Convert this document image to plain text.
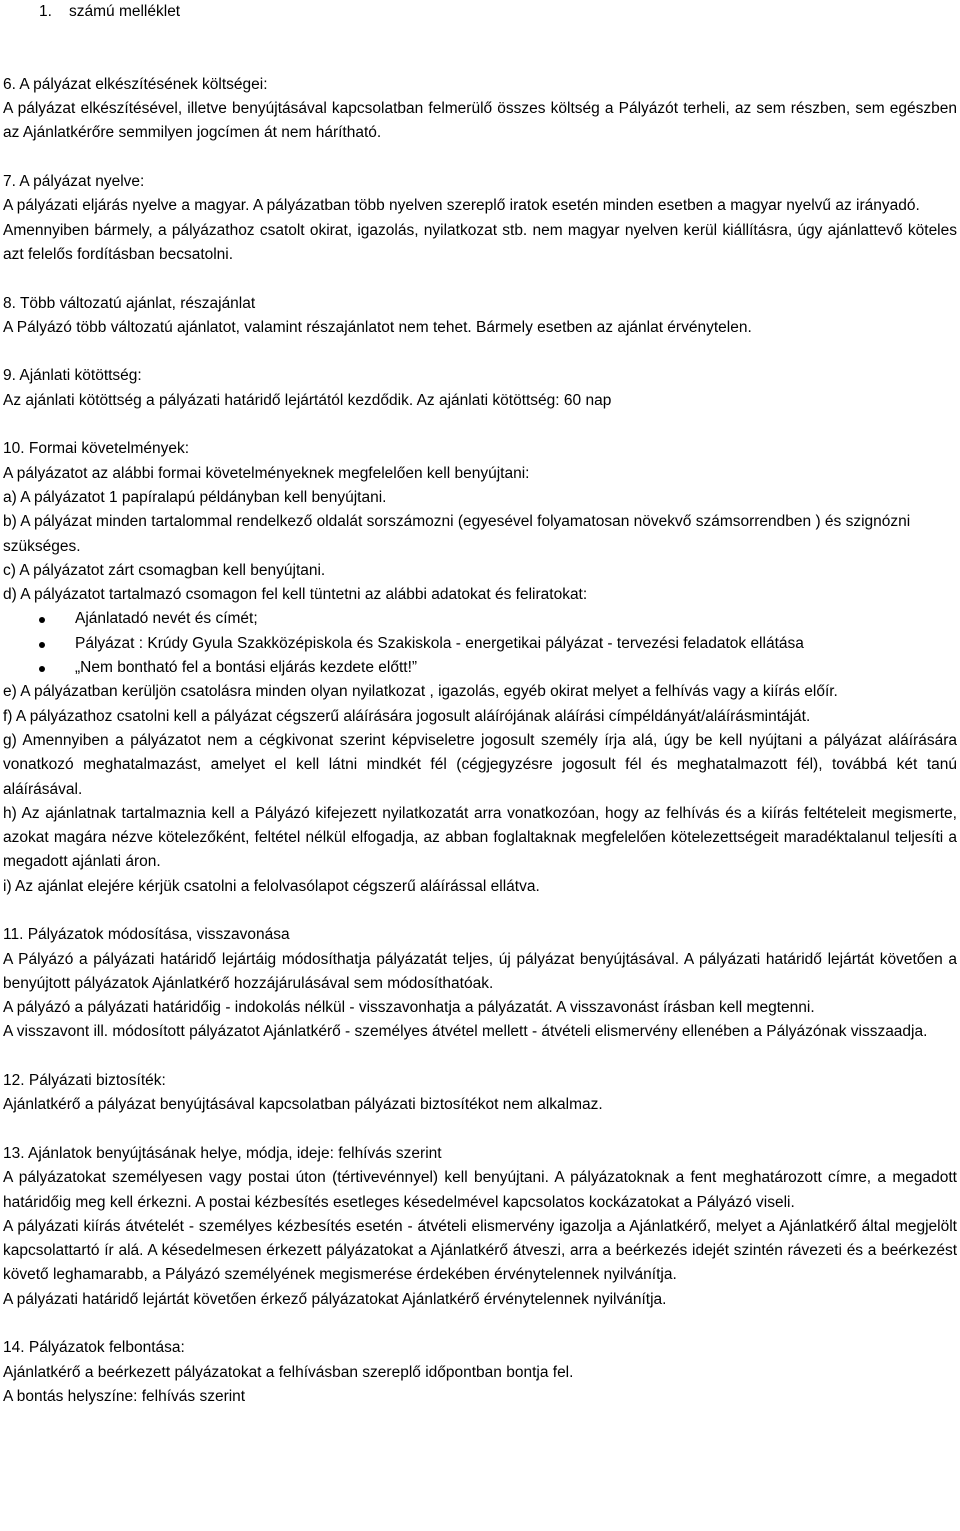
1. számú melléklet
6. A pályázat elkészítésének költségei:
A pályázat elkészítésével, illetve benyújtásával kapcsolatban felmerülő összes költség a Pályázót terheli, az sem részben, sem egészben az Ajánlatkérőre semmilyen jogcímen át nem hárítható.
7. A pályázat nyelve:
A pályázati eljárás nyelve a magyar. A pályázatban több nyelven szereplő iratok esetén minden esetben a magyar nyelvű az irányadó.
Amennyiben bármely, a pályázathoz csatolt okirat, igazolás, nyilatkozat stb. nem magyar nyelven kerül kiállításra, úgy ajánlattevő köteles azt felelős fordításban becsatolni.
8. Több változatú ajánlat, részajánlat
A Pályázó több változatú ajánlatot, valamint részajánlatot nem tehet. Bármely esetben az ajánlat érvénytelen.
9. Ajánlati kötöttség:
Az ajánlati kötöttség a pályázati határidő lejártától kezdődik. Az ajánlati kötöttség: 60 nap
10. Formai követelmények:
A pályázatot az alábbi formai követelményeknek megfelelően kell benyújtani:
a) A pályázatot 1 papíralapú példányban kell benyújtani.
b) A pályázat minden tartalommal rendelkező oldalát sorszámozni (egyesével folyamatosan növekvő számsorrendben ) és szignózni szükséges.
c) A pályázatot zárt csomagban kell benyújtani.
d) A pályázatot tartalmazó csomagon fel kell tüntetni az alábbi adatokat és feliratokat:
Ajánlatadó nevét és címét;
Pályázat : Krúdy Gyula Szakközépiskola és Szakiskola - energetikai pályázat - tervezési feladatok ellátása
„Nem bontható fel a bontási eljárás kezdete előtt!”
e) A pályázatban kerüljön csatolásra minden olyan nyilatkozat , igazolás, egyéb okirat melyet a felhívás vagy a kiírás előír.
f) A pályázathoz csatolni kell a pályázat cégszerű aláírására jogosult aláírójának aláírási címpéldányát/aláírásmintáját.
g) Amennyiben a pályázatot nem a cégkivonat szerint képviseletre jogosult személy írja alá, úgy be kell nyújtani a pályázat aláírására vonatkozó meghatalmazást, amelyet el kell látni mindkét fél (cégjegyzésre jogosult fél és meghatalmazott fél), továbbá két tanú aláírásával.
h) Az ajánlatnak tartalmaznia kell a Pályázó kifejezett nyilatkozatát arra vonatkozóan, hogy az felhívás és a kiírás feltételeit megismerte, azokat magára nézve kötelezőként, feltétel nélkül elfogadja, az abban foglaltaknak megfelelően kötelezettségeit maradéktalanul teljesíti a megadott ajánlati áron.
i) Az ajánlat elejére kérjük csatolni a felolvasólapot cégszerű aláírással ellátva.
11. Pályázatok módosítása, visszavonása
A Pályázó a pályázati határidő lejártáig módosíthatja pályázatát teljes, új pályázat benyújtásával. A pályázati határidő lejártát követően a benyújtott pályázatok Ajánlatkérő hozzájárulásával sem módosíthatóak.
A pályázó a pályázati határidőig - indokolás nélkül - visszavonhatja a pályázatát. A visszavonást írásban kell megtenni.
A visszavont ill. módosított pályázatot Ajánlatkérő - személyes átvétel mellett - átvételi elismervény ellenében a Pályázónak visszaadja.
12. Pályázati biztosíték:
Ajánlatkérő a pályázat benyújtásával kapcsolatban pályázati biztosítékot nem alkalmaz.
13. Ajánlatok benyújtásának helye, módja, ideje: felhívás szerint
A pályázatokat személyesen vagy postai úton (tértivevénnyel) kell benyújtani. A pályázatoknak a fent meghatározott címre, a megadott határidőig meg kell érkezni. A postai kézbesítés esetleges késedelmével kapcsolatos kockázatokat a Pályázó viseli.
A pályázati kiírás átvételét - személyes kézbesítés esetén - átvételi elismervény igazolja a Ajánlatkérő, melyet a Ajánlatkérő által megjelölt kapcsolattartó ír alá. A késedelmesen érkezett pályázatokat a Ajánlatkérő átveszi, arra a beérkezés idejét szintén rávezeti és a beérkezést követő leghamarabb, a Pályázó személyének megismerése érdekében érvénytelennek nyilvánítja.
A pályázati határidő lejártát követően érkező pályázatokat Ajánlatkérő érvénytelennek nyilvánítja.
14. Pályázatok felbontása:
Ajánlatkérő a beérkezett pályázatokat a felhívásban szereplő időpontban bontja fel.
A bontás helyszíne: felhívás szerint
